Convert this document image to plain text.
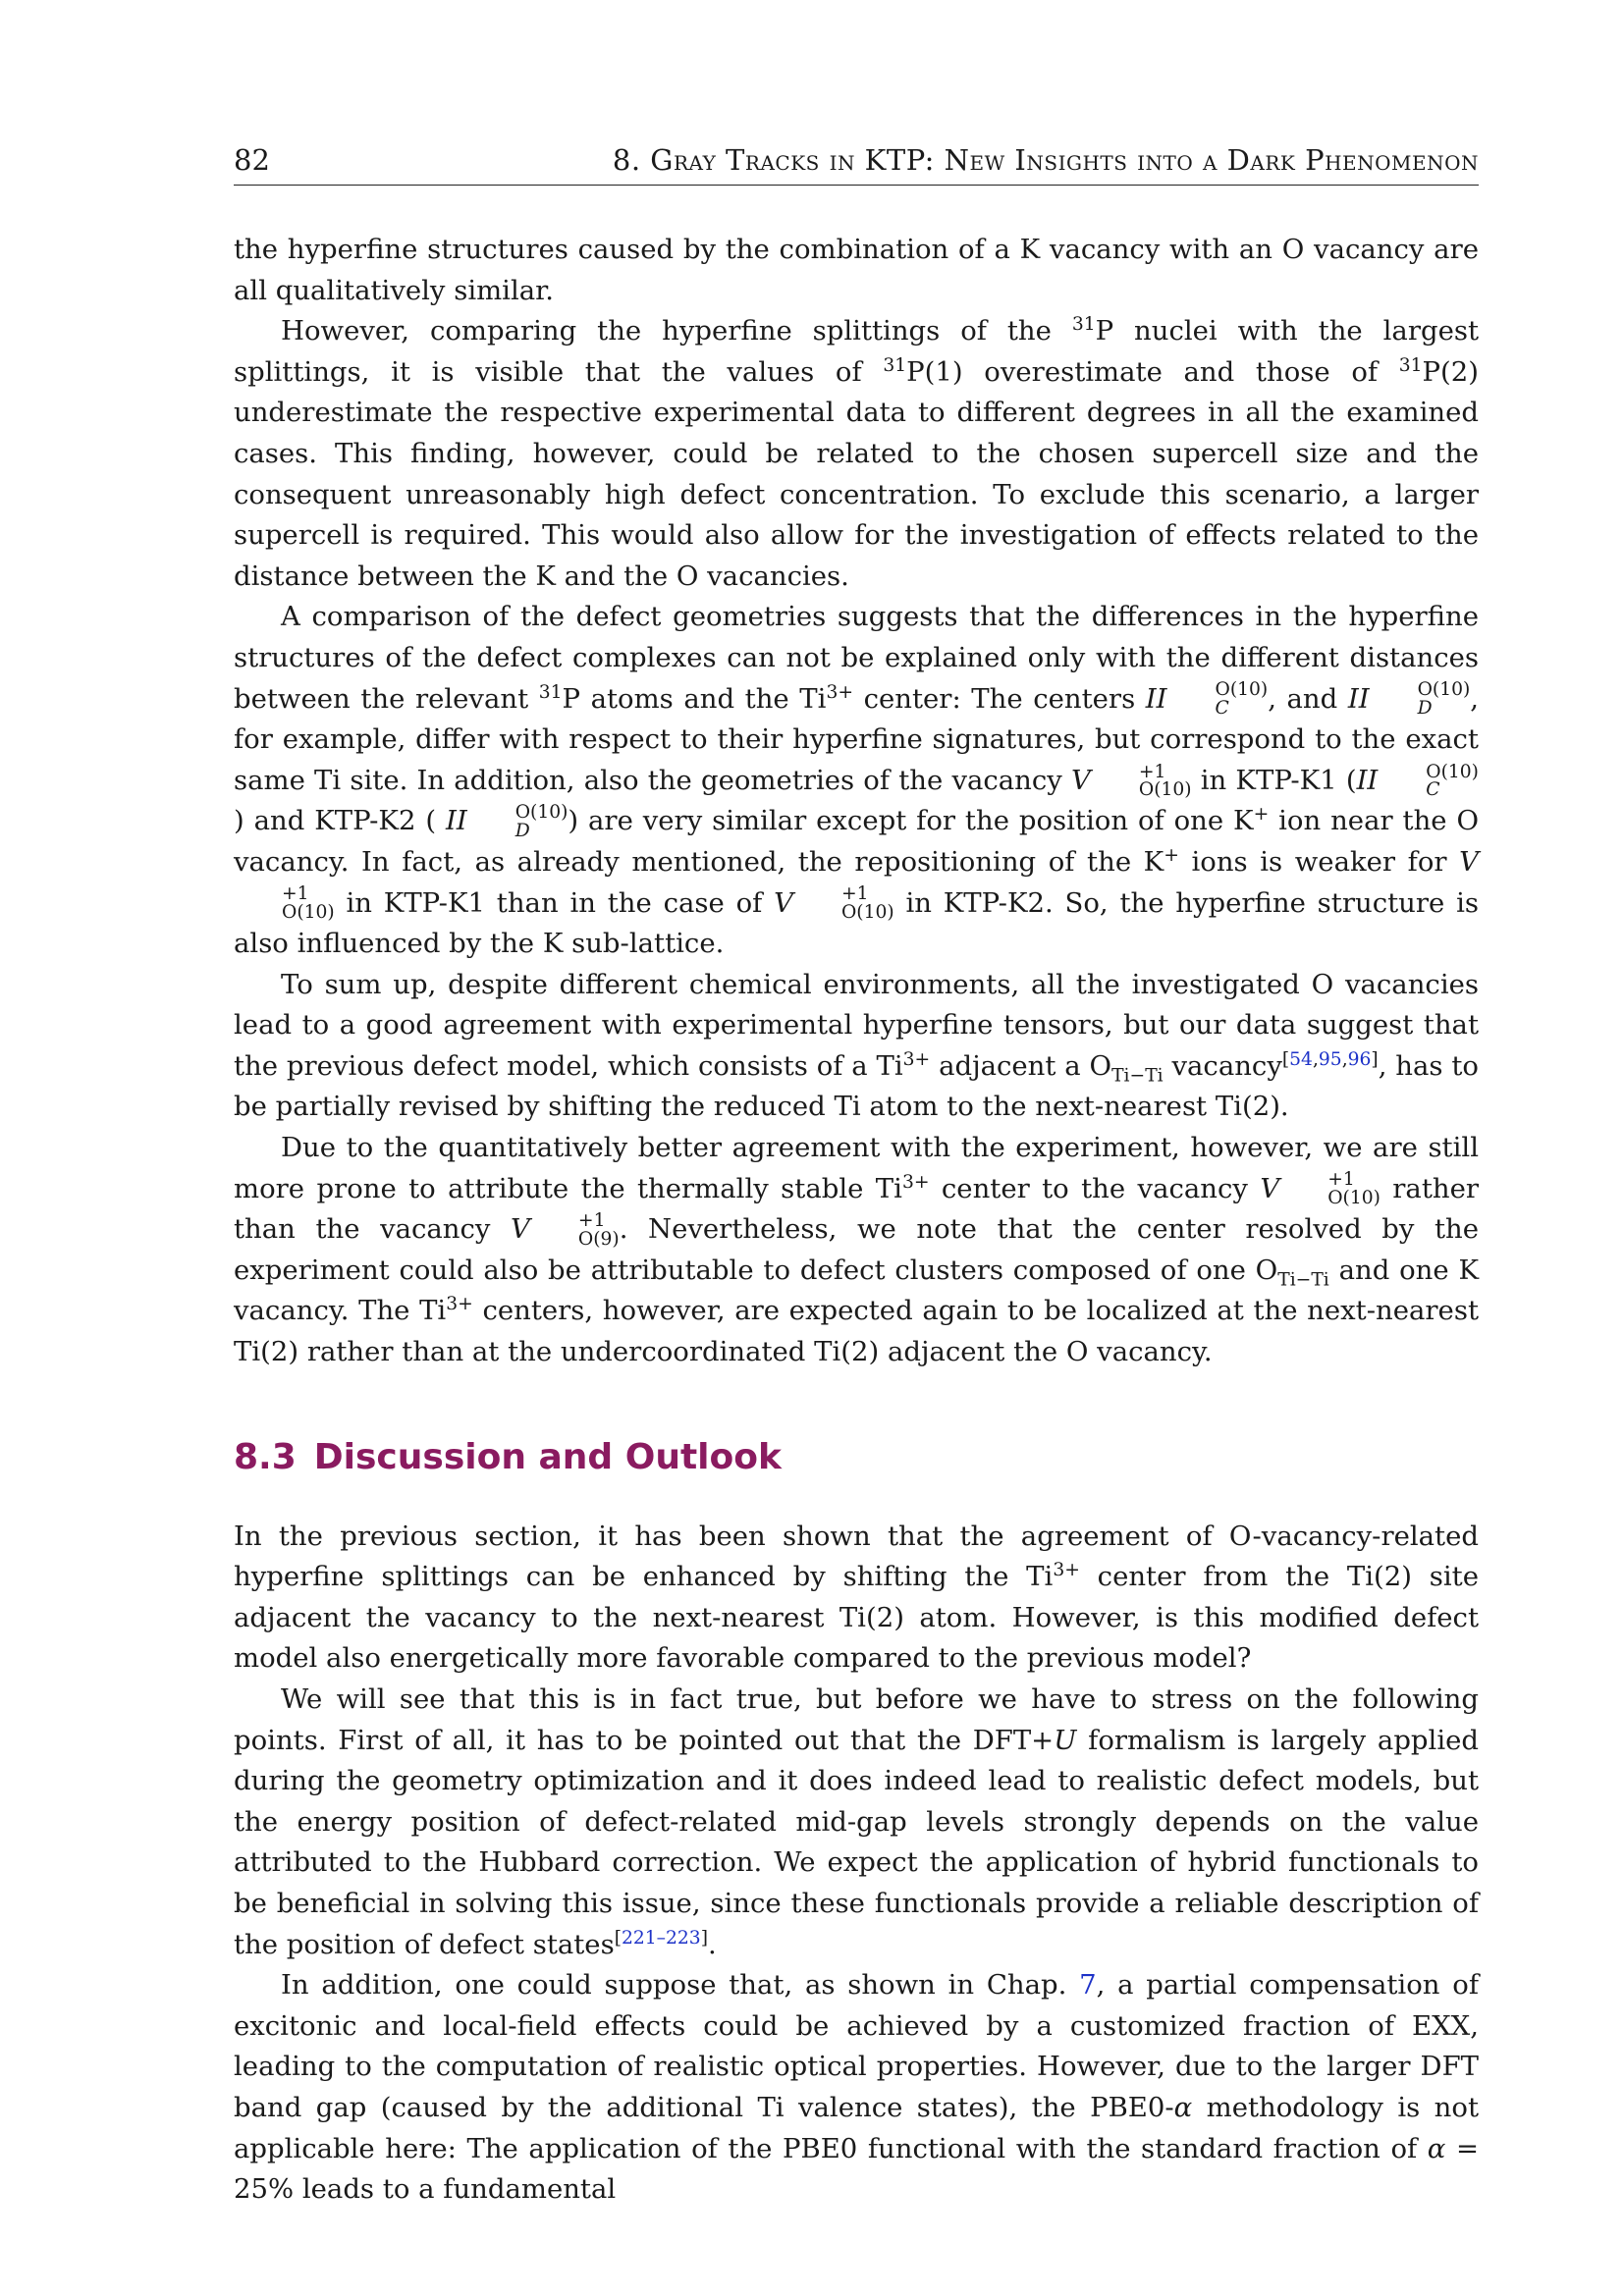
82	8. Gray Tracks in KTP: New Insights into a Dark Phenomenon

the hyperfine structures caused by the combination of a K vacancy with an O vacancy are all qualitatively similar.

However, comparing the hyperfine splittings of the $^{31}$P nuclei with the largest splittings, it is visible that the values of $^{31}$P(1) overestimate and those of $^{31}$P(2) underestimate the respective experimental data to different degrees in all the examined cases. This finding, however, could be related to the chosen supercell size and the consequent unreasonably high defect concentration. To exclude this scenario, a larger supercell is required. This would also allow for the investigation of effects related to the distance between the K and the O vacancies.

A comparison of the defect geometries suggests that the differences in the hyperfine structures of the defect complexes can not be explained only with the different distances between the relevant $^{31}$P atoms and the $Ti^{3+}$ center: The centers II	O(10)
C	, and II	O(10)
D	, for example, differ with respect to their hyperfine signatures, but correspond to the exact same Ti site. In addition, also the geometries of the vacancy V	+1
O(10) in KTP-K1 (II	O(10)
C
) and KTP-K2 ( II	O(10)
D	) are very similar except for the position of one K+ ion near the O vacancy. In fact, as already mentioned, the repositioning of the K+ ions is weaker for V
+1
O(10) in KTP-K1 than in the case of V	+1
O(10) in KTP-K2. So, the hyperfine structure is also influenced by the K sub-lattice.

To sum up, despite different chemical environments, all the investigated O vacancies lead to a good agreement with experimental hyperfine tensors, but our data suggest that the previous defect model, which consists of a $Ti^{3+}$ adjacent a $O_{Ti-Ti}$ vacancy[54,95,96], has to be partially revised by shifting the reduced Ti atom to the next-nearest Ti(2).

Due to the quantitatively better agreement with the experiment, however, we are still more prone to attribute the thermally stable $Ti^{3+}$ center to the vacancy V	+1
O(10) rather than the vacancy V	+1
O(9) . Nevertheless, we note that the center resolved by the experiment could also be attributable to defect clusters composed of one $O_{Ti-Ti}$ and one K vacancy. The $Ti^{3+}$ centers, however, are expected again to be localized at the next-nearest Ti(2) rather than at the undercoordinated Ti(2) adjacent the O vacancy.

8.3 Discussion and Outlook

In the previous section, it has been shown that the agreement of O-vacancy-related hyperfine splittings can be enhanced by shifting the $Ti^{3+}$ center from the Ti(2) site adjacent the vacancy to the next-nearest Ti(2) atom. However, is this modified defect model also energetically more favorable compared to the previous model?

We will see that this is in fact true, but before we have to stress on the following points. First of all, it has to be pointed out that the DFT+U formalism is largely applied during the geometry optimization and it does indeed lead to realistic defect models, but the energy position of defect-related mid-gap levels strongly depends on the value attributed to the Hubbard correction. We expect the application of hybrid functionals to be beneficial in solving this issue, since these functionals provide a reliable description of the position of defect states[221–223].

In addition, one could suppose that, as shown in Chap. 7, a partial compensation of excitonic and local-field effects could be achieved by a customized fraction of EXX, leading to the computation of realistic optical properties. However, due to the larger DFT band gap (caused by the additional Ti valence states), the PBE0-α methodology is not applicable here: The application of the PBE0 functional with the standard fraction of α = 25% leads to a fundamental
